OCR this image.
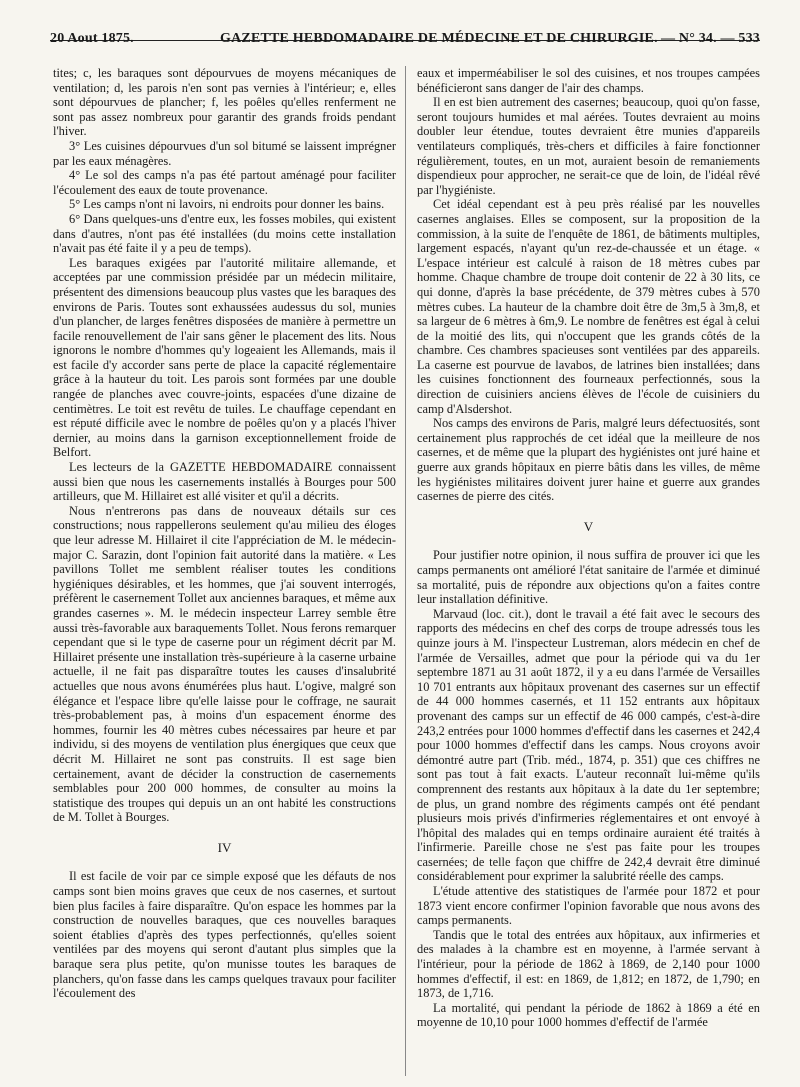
20 Aout 1875.	GAZETTE HEBDOMADAIRE DE MÉDECINE ET DE CHIRURGIE. — N° 34. — 533

tites; c, les baraques sont dépourvues de moyens mécaniques de ventilation; d, les parois n'en sont pas vernies à l'intérieur; e, elles sont dépourvues de plancher; f, les poêles qu'elles renferment ne sont pas assez nombreux pour garantir des grands froids pendant l'hiver.

3° Les cuisines dépourvues d'un sol bitumé se laissent imprégner par les eaux ménagères.

4° Le sol des camps n'a pas été partout aménagé pour faciliter l'écoulement des eaux de toute provenance.

5° Les camps n'ont ni lavoirs, ni endroits pour donner les bains.

6° Dans quelques-uns d'entre eux, les fosses mobiles, qui existent dans d'autres, n'ont pas été installées (du moins cette installation n'avait pas été faite il y a peu de temps).

Les baraques exigées par l'autorité militaire allemande, et acceptées par une commission présidée par un médecin militaire, présentent des dimensions beaucoup plus vastes que les baraques des environs de Paris. Toutes sont exhaussées audessus du sol, munies d'un plancher, de larges fenêtres disposées de manière à permettre un facile renouvellement de l'air sans gêner le placement des lits. Nous ignorons le nombre d'hommes qu'y logeaient les Allemands, mais il est facile d'y accorder sans perte de place la capacité réglementaire grâce à la hauteur du toit. Les parois sont formées par une double rangée de planches avec couvre-joints, espacées d'une dizaine de centimètres. Le toit est revêtu de tuiles. Le chauffage cependant en est réputé difficile avec le nombre de poêles qu'on y a placés l'hiver dernier, au moins dans la garnison exceptionnellement froide de Belfort.

Les lecteurs de la GAZETTE HEBDOMADAIRE connaissent aussi bien que nous les casernements installés à Bourges pour 500 artilleurs, que M. Hillairet est allé visiter et qu'il a décrits.

Nous n'entrerons pas dans de nouveaux détails sur ces constructions; nous rappellerons seulement qu'au milieu des éloges que leur adresse M. Hillairet il cite l'appréciation de M. le médecin-major C. Sarazin, dont l'opinion fait autorité dans la matière. « Les pavillons Tollet me semblent réaliser toutes les conditions hygiéniques désirables, et les hommes, que j'ai souvent interrogés, préfèrent le casernement Tollet aux anciennes baraques, et même aux grandes casernes ». M. le médecin inspecteur Larrey semble être aussi très-favorable aux baraquements Tollet. Nous ferons remarquer cependant que si le type de caserne pour un régiment décrit par M. Hillairet présente une installation très-supérieure à la caserne urbaine actuelle, il ne fait pas disparaître toutes les causes d'insalubrité actuelles que nous avons énumérées plus haut. L'ogive, malgré son élégance et l'espace libre qu'elle laisse pour le coffrage, ne saurait très-probablement pas, à moins d'un espacement énorme des hommes, fournir les 40 mètres cubes nécessaires par heure et par individu, si des moyens de ventilation plus énergiques que ceux que décrit M. Hillairet ne sont pas construits. Il est sage bien certainement, avant de décider la construction de casernements semblables pour 200 000 hommes, de consulter au moins la statistique des troupes qui depuis un an ont habité les constructions de M. Tollet à Bourges.

IV

Il est facile de voir par ce simple exposé que les défauts de nos camps sont bien moins graves que ceux de nos casernes, et surtout bien plus faciles à faire disparaître. Qu'on espace les hommes par la construction de nouvelles baraques, que ces nouvelles baraques soient établies d'après des types perfectionnés, qu'elles soient ventilées par des moyens qui seront d'autant plus simples que la baraque sera plus petite, qu'on munisse toutes les baraques de planchers, qu'on fasse dans les camps quelques travaux pour faciliter l'écoulement des

eaux et imperméabiliser le sol des cuisines, et nos troupes campées bénéficieront sans danger de l'air des champs.

Il en est bien autrement des casernes; beaucoup, quoi qu'on fasse, seront toujours humides et mal aérées. Toutes devraient au moins doubler leur étendue, toutes devraient être munies d'appareils ventilateurs compliqués, très-chers et difficiles à faire fonctionner régulièrement, toutes, en un mot, auraient besoin de remaniements dispendieux pour approcher, ne serait-ce que de loin, de l'idéal rêvé par l'hygiéniste.

Cet idéal cependant est à peu près réalisé par les nouvelles casernes anglaises. Elles se composent, sur la proposition de la commission, à la suite de l'enquête de 1861, de bâtiments multiples, largement espacés, n'ayant qu'un rez-de-chaussée et un étage. « L'espace intérieur est calculé à raison de 18 mètres cubes par homme. Chaque chambre de troupe doit contenir de 22 à 30 lits, ce qui donne, d'après la base précédente, de 379 mètres cubes à 570 mètres cubes. La hauteur de la chambre doit être de 3m,5 à 3m,8, et sa largeur de 6 mètres à 6m,9. Le nombre de fenêtres est égal à celui de la moitié des lits, qui n'occupent que les grands côtés de la chambre. Ces chambres spacieuses sont ventilées par des appareils. La caserne est pourvue de lavabos, de latrines bien installées; dans les cuisines fonctionnent des fourneaux perfectionnés, sous la direction de cuisiniers anciens élèves de l'école de cuisiniers du camp d'Alsdershot.

Nos camps des environs de Paris, malgré leurs défectuosités, sont certainement plus rapprochés de cet idéal que la meilleure de nos casernes, et de même que la plupart des hygiénistes ont juré haine et guerre aux grands hôpitaux en pierre bâtis dans les villes, de même les hygiénistes militaires doivent jurer haine et guerre aux grandes casernes de pierre des cités.

V

Pour justifier notre opinion, il nous suffira de prouver ici que les camps permanents ont amélioré l'état sanitaire de l'armée et diminué sa mortalité, puis de répondre aux objections qu'on a faites contre leur installation définitive.

Marvaud (loc. cit.), dont le travail a été fait avec le secours des rapports des médecins en chef des corps de troupe adressés tous les quinze jours à M. l'inspecteur Lustreman, alors médecin en chef de l'armée de Versailles, admet que pour la période qui va du 1er septembre 1871 au 31 août 1872, il y a eu dans l'armée de Versailles 10 701 entrants aux hôpitaux provenant des casernes sur un effectif de 44 000 hommes casernés, et 11 152 entrants aux hôpitaux provenant des camps sur un effectif de 46 000 campés, c'est-à-dire 243,2 entrées pour 1000 hommes d'effectif dans les casernes et 242,4 pour 1000 hommes d'effectif dans les camps. Nous croyons avoir démontré autre part (Trib. méd., 1874, p. 351) que ces chiffres ne sont pas tout à fait exacts. L'auteur reconnaît lui-même qu'ils comprennent des restants aux hôpitaux à la date du 1er septembre; de plus, un grand nombre des régiments campés ont été pendant plusieurs mois privés d'infirmeries réglementaires et ont envoyé à l'hôpital des malades qui en temps ordinaire auraient été traités à l'infirmerie. Pareille chose ne s'est pas faite pour les troupes casernées; de telle façon que chiffre de 242,4 devrait être diminué considérablement pour exprimer la salubrité réelle des camps.

L'étude attentive des statistiques de l'armée pour 1872 et pour 1873 vient encore confirmer l'opinion favorable que nous avons des camps permanents.

Tandis que le total des entrées aux hôpitaux, aux infirmeries et des malades à la chambre est en moyenne, à l'armée servant à l'intérieur, pour la période de 1862 à 1869, de 2,140 pour 1000 hommes d'effectif, il est: en 1869, de 1,812; en 1872, de 1,790; en 1873, de 1,716.

La mortalité, qui pendant la période de 1862 à 1869 a été en moyenne de 10,10 pour 1000 hommes d'effectif de l'armée
